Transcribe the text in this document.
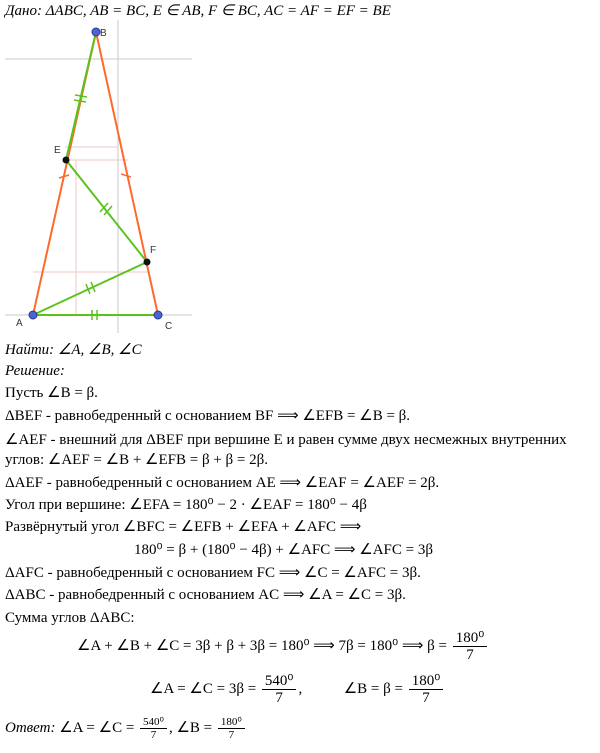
Дано: ΔABC, AB = BC, E ∈ AB, F ∈ BC, AC = AF = EF = BE
A
B
C
E
F
Найти: ∠A, ∠B, ∠C
Решение:
Пусть ∠B = β.
ΔBEF - равнобедренный с основанием BF ⟹ ∠EFB = ∠B = β.
∠AEF - внешний для ΔBEF при вершине E и равен сумме двух несмежных внутренних
углов: ∠AEF = ∠B + ∠EFB = β + β = 2β.
ΔAEF - равнобедренный с основанием AE ⟹ ∠EAF = ∠AEF = 2β.
Угол при вершине: ∠EFA = 180⁰ − 2 · ∠EAF = 180⁰ − 4β
Развёрнутый угол ∠BFC = ∠EFB + ∠EFA + ∠AFC ⟹
180⁰ = β + (180⁰ − 4β) + ∠AFC ⟹ ∠AFC = 3β
ΔAFC - равнобедренный с основанием FC ⟹ ∠C = ∠AFC = 3β.
ΔABC - равнобедренный с основанием AC ⟹ ∠A = ∠C = 3β.
Сумма углов ΔABC:
∠A + ∠B + ∠C = 3β + β + 3β = 180⁰ ⟹ 7β = 180⁰ ⟹ $\beta = \frac{\text{180⁰}}{7}$
∠A = ∠C = $3\beta = \frac{\text{540⁰}}{7}$ ,	∠B = $\beta = \frac{\text{180⁰}}{7}$
Ответ: ∠A = ∠C = $\frac{\text{540⁰}}{7}$ , ∠B = $\frac{\text{180⁰}}{7}$
